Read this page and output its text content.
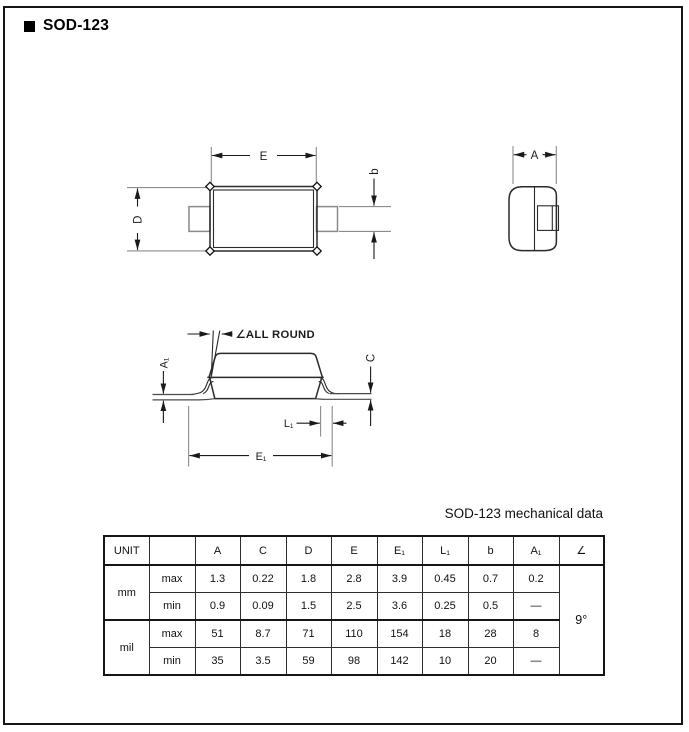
SOD-123
E
D
b
A
∠ALL ROUND
A₁	C
L₁
E₁
SOD-123 mechanical data
UNIT		A	C	D	E	E₁	L₁	b	A₁	∠
mm	max	1.3	0.22	1.8	2.8	3.9	0.45	0.7	0.2	9°
	min	0.9	0.09	1.5	2.5	3.6	0.25	0.5	—	
mil	max	51	8.7	71	110	154	18	28	8	
	min	35	3.5	59	98	142	10	20	—	
